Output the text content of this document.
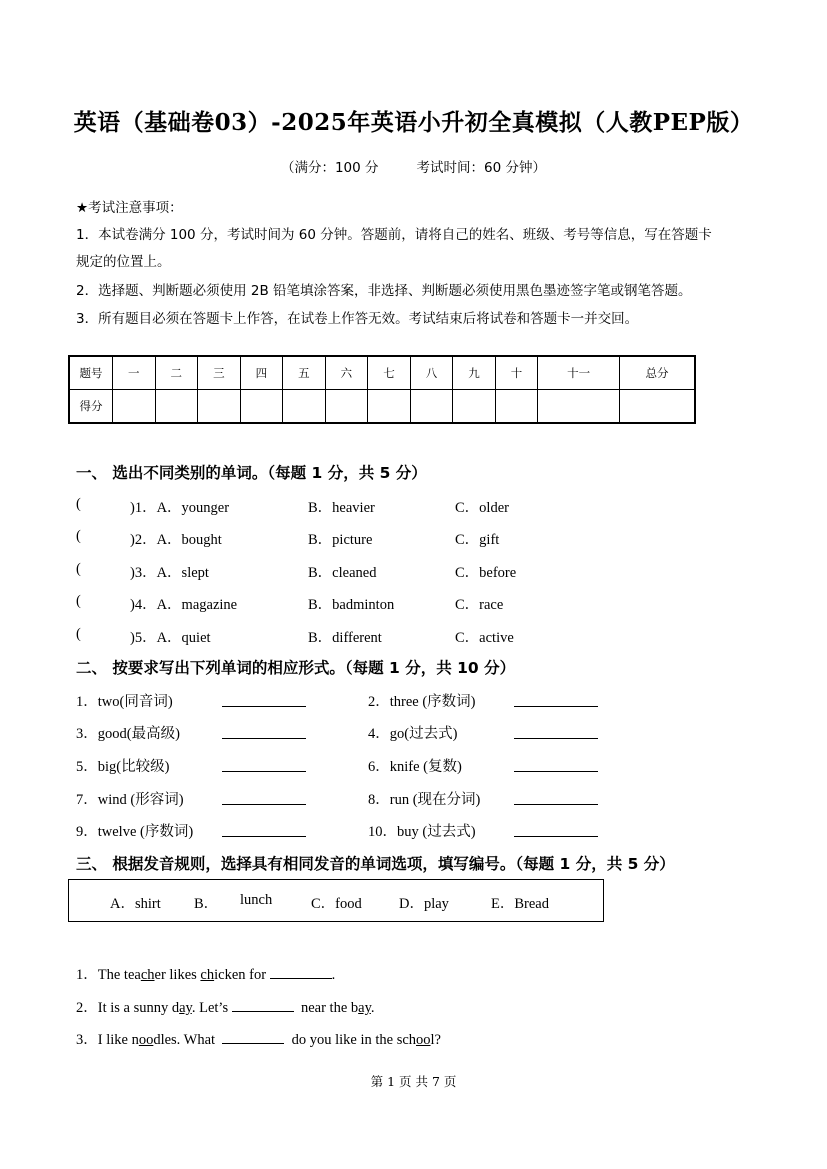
英语（基础卷03）-2025年英语小升初全真模拟（人教PEP版）
（满分：100 分	考试时间：60 分钟）
★考试注意事项：
1．本试卷满分 100 分，考试时间为 60 分钟。答题前，请将自己的姓名、班级、考号等信息，写在答题卡
规定的位置上。
2．选择题、判断题必须使用 2B 铅笔填涂答案，非选择、判断题必须使用黑色墨迹签字笔或钢笔答题。
3．所有题目必须在答题卡上作答，在试卷上作答无效。考试结束后将试卷和答题卡一并交回。
题号	一	二	三	四	五	六	七	八	九	十	十一	总分
得分												
一、 选出不同类别的单词。（每题 1 分，共 5 分）
(	)1．A．younger	B．heavier	C．older
(	)2．A．bought	B．picture	C．gift
(	)3．A．slept	B．cleaned	C．before
(	)4．A．magazine	B．badminton	C．race
(	)5．A．quiet	B．different	C．active
二、 按要求写出下列单词的相应形式。（每题 1 分，共 10 分）
1．two(同音词)	2．three (序数词)
3．good(最高级)	4．go(过去式)
5．big(比较级)	6．knife (复数)
7．wind (形容词)	8．run (现在分词)
9．twelve (序数词)	10．buy (过去式)
三、 根据发音规则，选择具有相同发音的单词选项，填写编号。（每题 1 分，共 5 分）
A．shirt B． lunch	C．food	D．play	E．Bread
1．The teacher likes chicken for	.
2．It is a sunny day. Let’s	near the bay.
3．I like noodles. What	do you like in the school?
第 1 页 共 7 页
